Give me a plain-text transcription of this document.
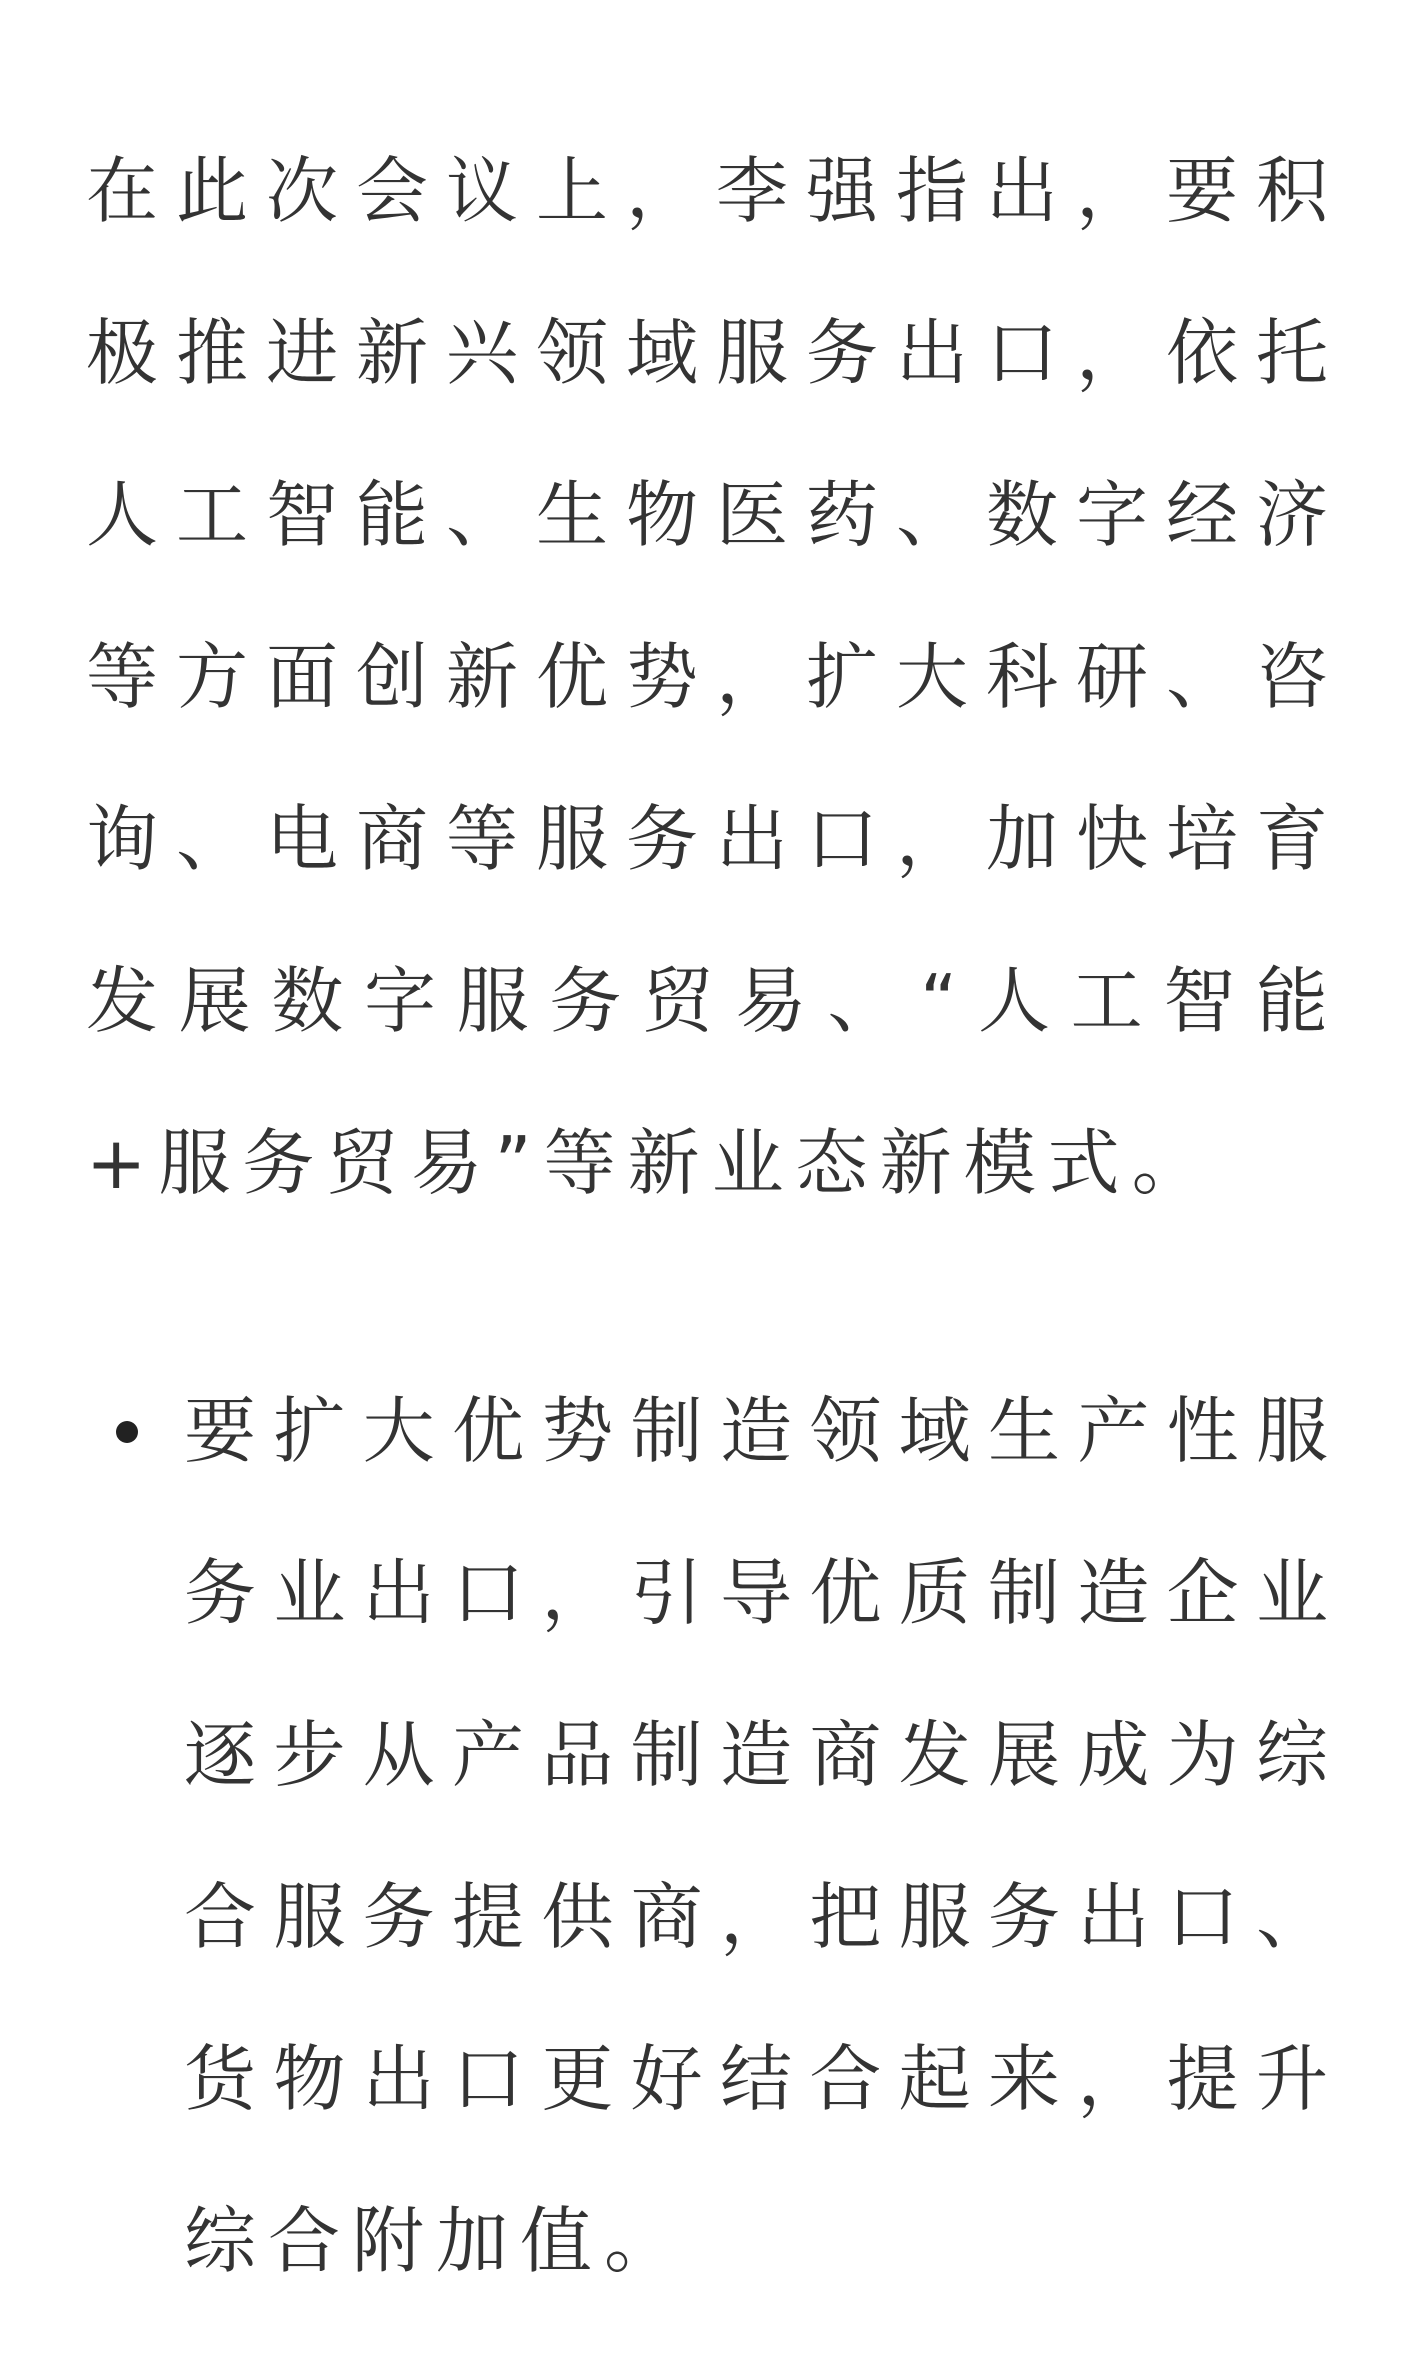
在此次会议上，李强指出，要积极推进新兴领域服务出口，依托人工智能、生物医药、数字经济等方面创新优势，扩大科研、咨询、电商等服务出口，加快培育发展数字服务贸易、“人工智能+服务贸易”等新业态新模式。

要扩大优势制造领域生产性服务业出口，引导优质制造企业逐步从产品制造商发展成为综合服务提供商，把服务出口、货物出口更好结合起来，提升综合附加值。
